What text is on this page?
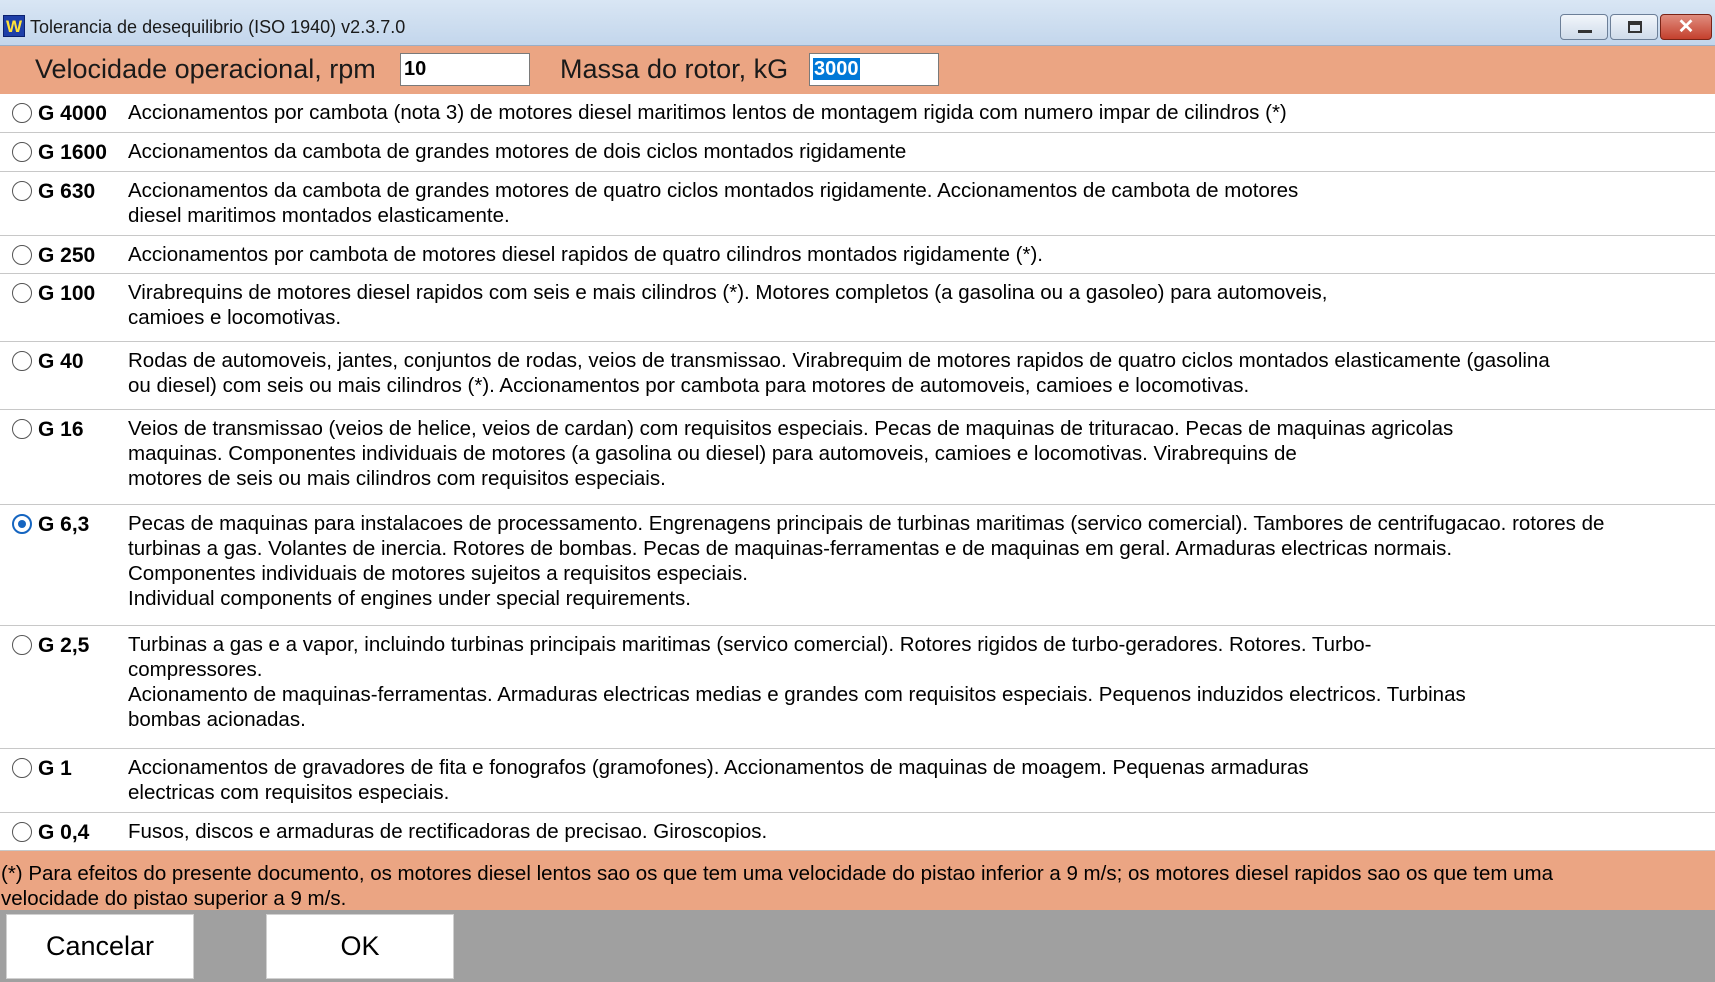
W Tolerancia de desequilibrio (ISO 1940) v2.3.7.0	✕
Velocidade operacional, rpm 10	Massa do rotor, kG 3000
G 4000 Accionamentos por cambota (nota 3) de motores diesel maritimos lentos de montagem rigida com numero impar de cilindros (*)
G 1600 Accionamentos da cambota de grandes motores de dois ciclos montados rigidamente
G 630 Accionamentos da cambota de grandes motores de quatro ciclos montados rigidamente. Accionamentos de cambota de motores
diesel maritimos montados elasticamente.
G 250 Accionamentos por cambota de motores diesel rapidos de quatro cilindros montados rigidamente (*).
G 100 Virabrequins de motores diesel rapidos com seis e mais cilindros (*). Motores completos (a gasolina ou a gasoleo) para automoveis,
camioes e locomotivas.
G 40 Rodas de automoveis, jantes, conjuntos de rodas, veios de transmissao. Virabrequim de motores rapidos de quatro ciclos montados elasticamente (gasolina
ou diesel) com seis ou mais cilindros (*). Accionamentos por cambota para motores de automoveis, camioes e locomotivas.
G 16 Veios de transmissao (veios de helice, veios de cardan) com requisitos especiais. Pecas de maquinas de trituracao. Pecas de maquinas agricolas
maquinas. Componentes individuais de motores (a gasolina ou diesel) para automoveis, camioes e locomotivas. Virabrequins de
motores de seis ou mais cilindros com requisitos especiais.
G 6,3 Pecas de maquinas para instalacoes de processamento. Engrenagens principais de turbinas maritimas (servico comercial). Tambores de centrifugacao. rotores de
turbinas a gas. Volantes de inercia. Rotores de bombas. Pecas de maquinas-ferramentas e de maquinas em geral. Armaduras electricas normais.
Componentes individuais de motores sujeitos a requisitos especiais.
Individual components of engines under special requirements.
G 2,5 Turbinas a gas e a vapor, incluindo turbinas principais maritimas (servico comercial). Rotores rigidos de turbo-geradores. Rotores. Turbo-
compressores.
Acionamento de maquinas-ferramentas. Armaduras electricas medias e grandes com requisitos especiais. Pequenos induzidos electricos. Turbinas
bombas acionadas.
G 1	Accionamentos de gravadores de fita e fonografos (gramofones). Accionamentos de maquinas de moagem. Pequenas armaduras
electricas com requisitos especiais.
G 0,4 Fusos, discos e armaduras de rectificadoras de precisao. Giroscopios.
(*) Para efeitos do presente documento, os motores diesel lentos sao os que tem uma velocidade do pistao inferior a 9 m/s; os motores diesel rapidos sao os que tem uma
velocidade do pistao superior a 9 m/s.
Cancelar	OK
